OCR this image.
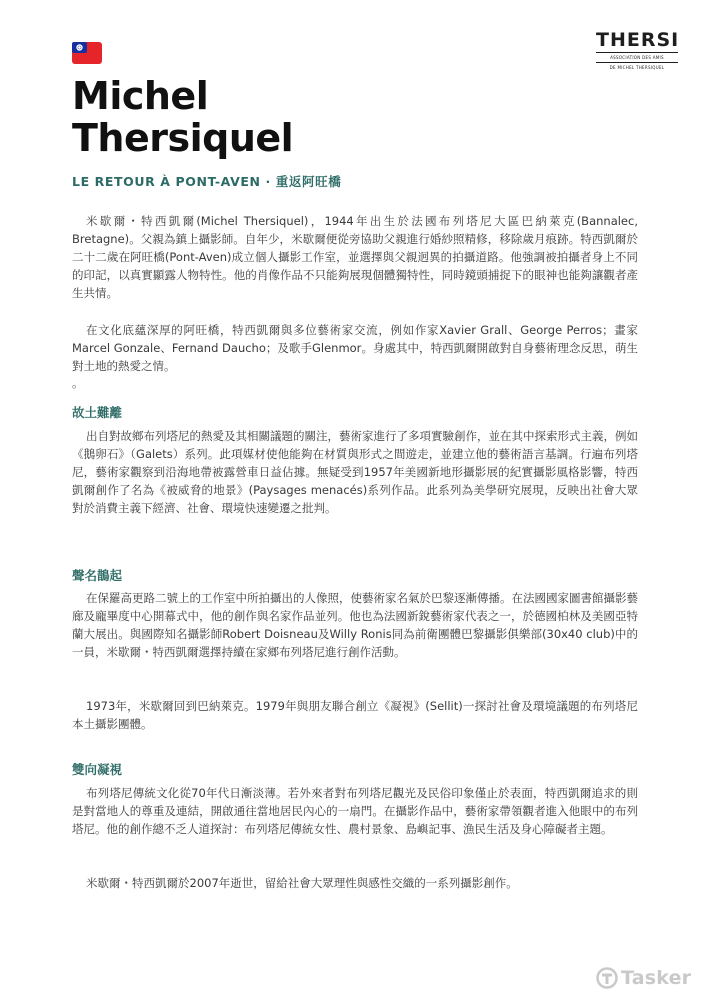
THERSI
ASSOCIATION DES AMIS
DE MICHEL THERSIQUEL
Michel
Thersiquel
LE RETOUR À PONT-AVEN · 重返阿旺橋

米歇爾・特西凱爾(Michel Thersiquel)，1944年出生於法國布列塔尼大區巴納萊克(Bannalec, Bretagne)。父親為鎮上攝影師。自年少，米歇爾便從旁協助父親進行婚紗照精修，移除歲月痕跡。特西凱爾於二十二歲在阿旺橋(Pont-Aven)成立個人攝影工作室，並選擇與父親迥異的拍攝道路。他強調被拍攝者身上不同的印記，以真實顯露人物特性。他的肖像作品不只能夠展現個體獨特性，同時鏡頭捕捉下的眼神也能夠讓觀者產生共情。

在文化底蘊深厚的阿旺橋，特西凱爾與多位藝術家交流，例如作家Xavier Grall、George Perros；畫家Marcel Gonzale、Fernand Daucho；及歌手Glenmor。身處其中，特西凱爾開啟對自身藝術理念反思，萌生對土地的熱愛之情。

。
故土難離

出自對故鄉布列塔尼的熱愛及其相關議題的關注，藝術家進行了多項實驗創作，並在其中探索形式主義，例如《鵝卵石》（Galets）系列。此項媒材使他能夠在材質與形式之間遊走，並建立他的藝術語言基調。行遍布列塔尼，藝術家觀察到沿海地帶被露營車日益佔據。無疑受到1957年美國新地形攝影展的紀實攝影風格影響，特西凱爾創作了名為《被威脅的地景》(Paysages menacés)系列作品。此系列為美學研究展現，反映出社會大眾對於消費主義下經濟、社會、環境快速變遷之批判。

聲名鵲起

在保羅高更路二號上的工作室中所拍攝出的人像照，使藝術家名氣於巴黎逐漸傳播。在法國國家圖書館攝影藝廊及龐畢度中心開幕式中，他的創作與名家作品並列。他也為法國新銳藝術家代表之一，於德國柏林及美國亞特蘭大展出。與國際知名攝影師Robert Doisneau及Willy Ronis同為前衛團體巴黎攝影俱樂部(30x40 club)中的一員，米歇爾・特西凱爾選擇持續在家鄉布列塔尼進行創作活動。

1973年，米歇爾回到巴納萊克。1979年與朋友聯合創立《凝視》(Sellit)一探討社會及環境議題的布列塔尼本土攝影團體。

雙向凝視

布列塔尼傳統文化從70年代日漸淡薄。若外來者對布列塔尼觀光及民俗印象僅止於表面，特西凱爾追求的則是對當地人的尊重及連結，開啟通往當地居民內心的一扇門。在攝影作品中，藝術家帶領觀者進入他眼中的布列塔尼。他的創作總不乏人道探討：布列塔尼傳統女性、農村景象、島嶼記事、漁民生活及身心障礙者主題。

米歇爾・特西凱爾於2007年逝世，留給社會大眾理性與感性交織的一系列攝影創作。

Tasker
